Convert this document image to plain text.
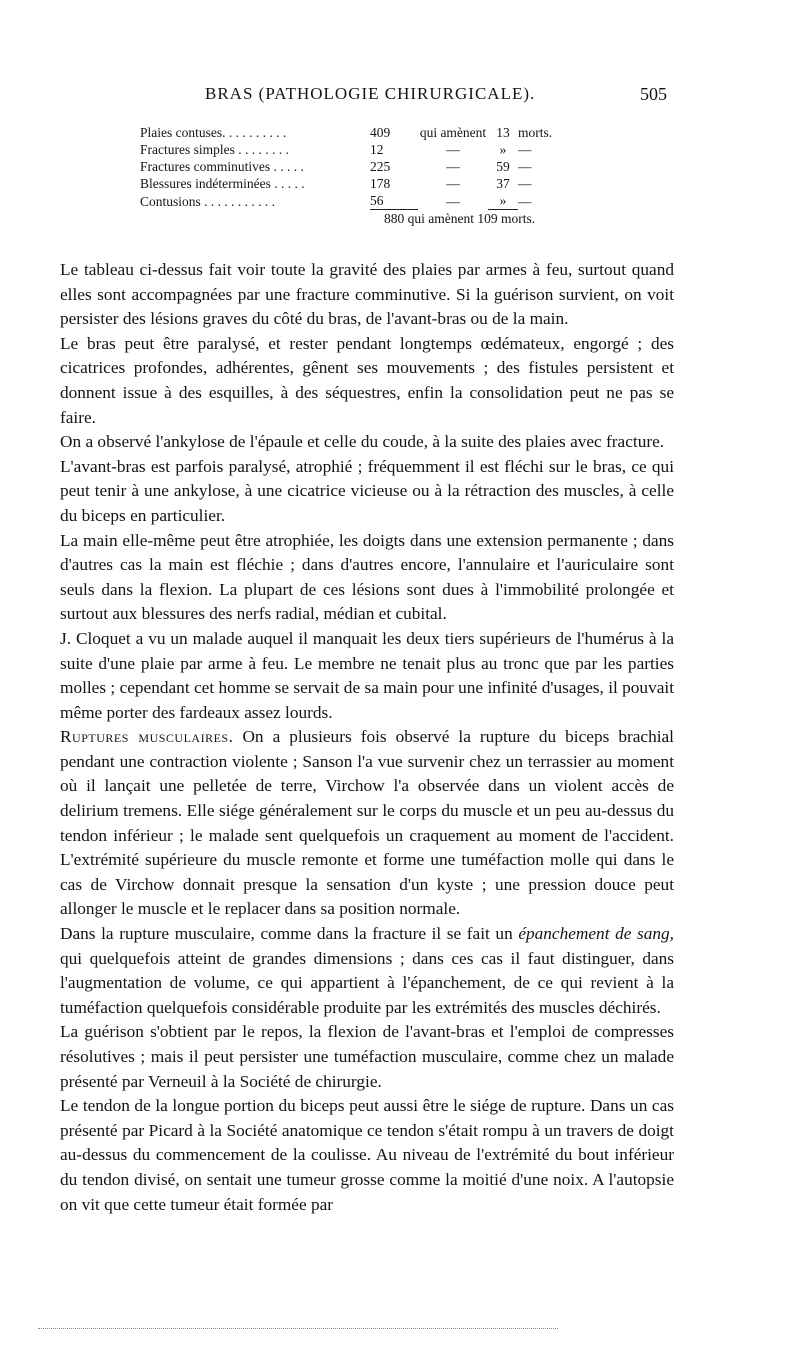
BRAS (PATHOLOGIE CHIRURGICALE).	505
Plaies contuses. . . . . . . . . .	409	qui amènent	13	morts.
Fractures simples . . . . . . . .	12	—	»	—
Fractures comminutives . . . . .	225	—	59	—
Blessures indéterminées . . . . .	178	—	37	—
Contusions . . . . . . . . . . .	56	—	»	—
880 qui amènent 109 morts.

Le tableau ci-dessus fait voir toute la gravité des plaies par armes à feu, surtout quand elles sont accompagnées par une fracture comminutive. Si la guérison survient, on voit persister des lésions graves du côté du bras, de l'avant-bras ou de la main.

Le bras peut être paralysé, et rester pendant longtemps œdémateux, engorgé ; des cicatrices profondes, adhérentes, gênent ses mouvements ; des fistules persistent et donnent issue à des esquilles, à des séquestres, enfin la consolidation peut ne pas se faire.

On a observé l'ankylose de l'épaule et celle du coude, à la suite des plaies avec fracture.

L'avant-bras est parfois paralysé, atrophié ; fréquemment il est fléchi sur le bras, ce qui peut tenir à une ankylose, à une cicatrice vicieuse ou à la rétraction des muscles, à celle du biceps en particulier.

La main elle-même peut être atrophiée, les doigts dans une extension permanente ; dans d'autres cas la main est fléchie ; dans d'autres encore, l'annulaire et l'auriculaire sont seuls dans la flexion. La plupart de ces lésions sont dues à l'immobilité prolongée et surtout aux blessures des nerfs radial, médian et cubital.

J. Cloquet a vu un malade auquel il manquait les deux tiers supérieurs de l'humérus à la suite d'une plaie par arme à feu. Le membre ne tenait plus au tronc que par les parties molles ; cependant cet homme se servait de sa main pour une infinité d'usages, il pouvait même porter des fardeaux assez lourds.

Ruptures musculaires. On a plusieurs fois observé la rupture du biceps brachial pendant une contraction violente ; Sanson l'a vue survenir chez un terrassier au moment où il lançait une pelletée de terre, Virchow l'a observée dans un violent accès de delirium tremens. Elle siége généralement sur le corps du muscle et un peu au-dessus du tendon inférieur ; le malade sent quelquefois un craquement au moment de l'accident. L'extrémité supérieure du muscle remonte et forme une tuméfaction molle qui dans le cas de Virchow donnait presque la sensation d'un kyste ; une pression douce peut allonger le muscle et le replacer dans sa position normale.

Dans la rupture musculaire, comme dans la fracture il se fait un épanchement de sang, qui quelquefois atteint de grandes dimensions ; dans ces cas il faut distinguer, dans l'augmentation de volume, ce qui appartient à l'épanchement, de ce qui revient à la tuméfaction quelquefois considérable produite par les extrémités des muscles déchirés.

La guérison s'obtient par le repos, la flexion de l'avant-bras et l'emploi de compresses résolutives ; mais il peut persister une tuméfaction musculaire, comme chez un malade présenté par Verneuil à la Société de chirurgie.

Le tendon de la longue portion du biceps peut aussi être le siége de rupture. Dans un cas présenté par Picard à la Société anatomique ce tendon s'était rompu à un travers de doigt au-dessus du commencement de la coulisse. Au niveau de l'extrémité du bout inférieur du tendon divisé, on sentait une tumeur grosse comme la moitié d'une noix. A l'autopsie on vit que cette tumeur était formée par
